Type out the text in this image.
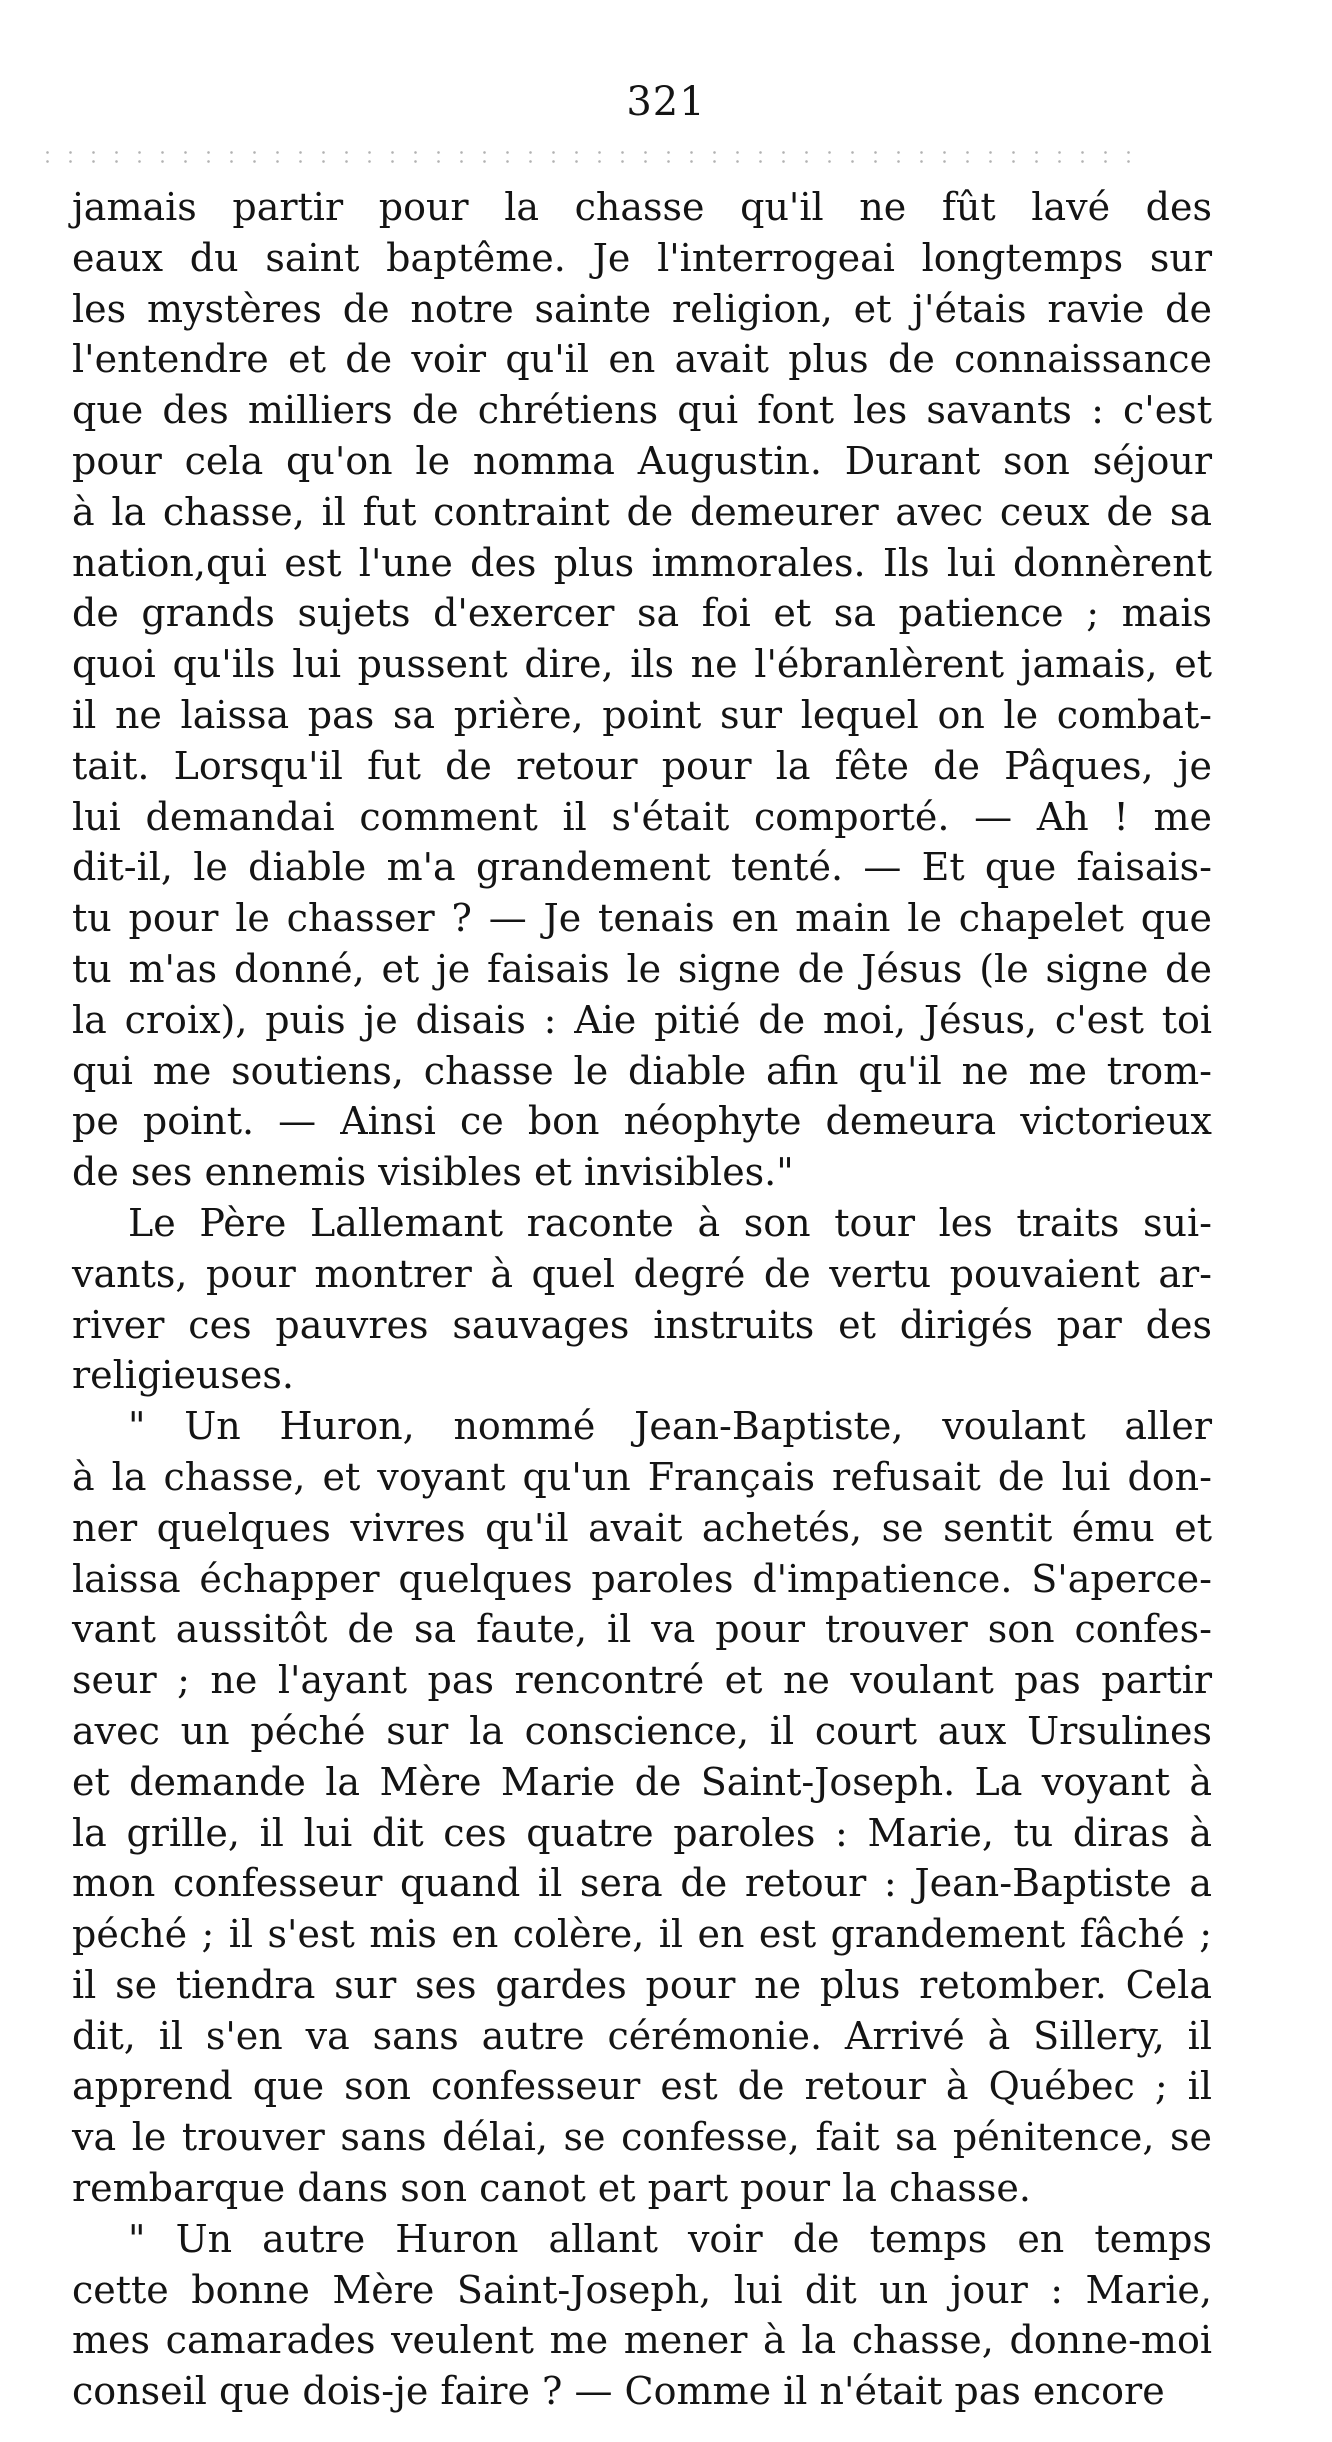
321
jamais partir pour la chasse qu'il ne fût lavé des
eaux du saint baptême. Je l'interrogeai longtemps sur
les mystères de notre sainte religion, et j'étais ravie de
l'entendre et de voir qu'il en avait plus de connaissance
que des milliers de chrétiens qui font les savants : c'est
pour cela qu'on le nomma Augustin. Durant son séjour
à la chasse, il fut contraint de demeurer avec ceux de sa
nation,qui est l'une des plus immorales. Ils lui donnèrent
de grands sujets d'exercer sa foi et sa patience ; mais
quoi qu'ils lui pussent dire, ils ne l'ébranlèrent jamais, et
il ne laissa pas sa prière, point sur lequel on le combat-
tait. Lorsqu'il fut de retour pour la fête de Pâques, je
lui demandai comment il s'était comporté. — Ah ! me
dit-il, le diable m'a grandement tenté. — Et que faisais-
tu pour le chasser ? — Je tenais en main le chapelet que
tu m'as donné, et je faisais le signe de Jésus (le signe de
la croix), puis je disais : Aie pitié de moi, Jésus, c'est toi
qui me soutiens, chasse le diable afin qu'il ne me trom-
pe point. — Ainsi ce bon néophyte demeura victorieux
de ses ennemis visibles et invisibles."
Le Père Lallemant raconte à son tour les traits sui-
vants, pour montrer à quel degré de vertu pouvaient ar-
river ces pauvres sauvages instruits et dirigés par des
religieuses.
" Un Huron, nommé Jean-Baptiste, voulant aller
à la chasse, et voyant qu'un Français refusait de lui don-
ner quelques vivres qu'il avait achetés, se sentit ému et
laissa échapper quelques paroles d'impatience. S'aperce-
vant aussitôt de sa faute, il va pour trouver son confes-
seur ; ne l'ayant pas rencontré et ne voulant pas partir
avec un péché sur la conscience, il court aux Ursulines
et demande la Mère Marie de Saint-Joseph. La voyant à
la grille, il lui dit ces quatre paroles : Marie, tu diras à
mon confesseur quand il sera de retour : Jean-Baptiste a
péché ; il s'est mis en colère, il en est grandement fâché ;
il se tiendra sur ses gardes pour ne plus retomber. Cela
dit, il s'en va sans autre cérémonie. Arrivé à Sillery, il
apprend que son confesseur est de retour à Québec ; il
va le trouver sans délai, se confesse, fait sa pénitence, se
rembarque dans son canot et part pour la chasse.
" Un autre Huron allant voir de temps en temps
cette bonne Mère Saint-Joseph, lui dit un jour : Marie,
mes camarades veulent me mener à la chasse, donne-moi
conseil que dois-je faire ? — Comme il n'était pas encore
